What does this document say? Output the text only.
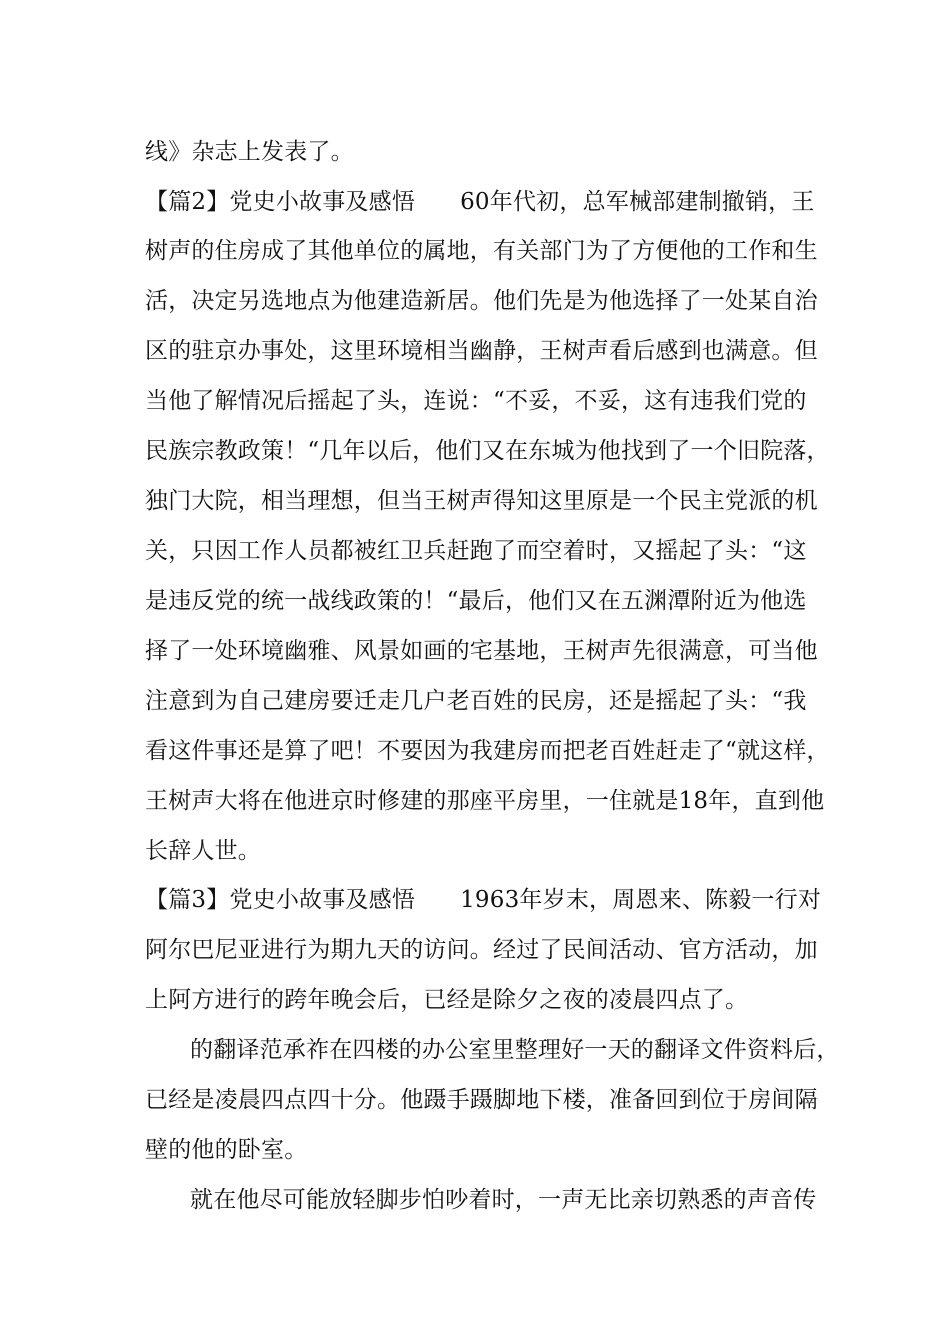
线》杂志上发表了。
【篇2】党史小故事及感悟      60年代初，总军械部建制撤销，王
树声的住房成了其他单位的属地，有关部门为了方便他的工作和生
活，决定另选地点为他建造新居。他们先是为他选择了一处某自治
区的驻京办事处，这里环境相当幽静，王树声看后感到也满意。但
当他了解情况后摇起了头，连说：“不妥，不妥，这有违我们党的
民族宗教政策！“几年以后，他们又在东城为他找到了一个旧院落，
独门大院，相当理想，但当王树声得知这里原是一个民主党派的机
关，只因工作人员都被红卫兵赶跑了而空着时，又摇起了头：“这
是违反党的统一战线政策的！“最后，他们又在五渊潭附近为他选
择了一处环境幽雅、风景如画的宅基地，王树声先很满意，可当他
注意到为自己建房要迁走几户老百姓的民房，还是摇起了头：“我
看这件事还是算了吧！不要因为我建房而把老百姓赶走了“就这样，
王树声大将在他进京时修建的那座平房里，一住就是18年，直到他
长辞人世。
【篇3】党史小故事及感悟      1963年岁末，周恩来、陈毅一行对
阿尔巴尼亚进行为期九天的访问。经过了民间活动、官方活动，加
上阿方进行的跨年晚会后，已经是除夕之夜的凌晨四点了。
的翻译范承祚在四楼的办公室里整理好一天的翻译文件资料后，
已经是凌晨四点四十分。他蹑手蹑脚地下楼，准备回到位于房间隔
壁的他的卧室。
就在他尽可能放轻脚步怕吵着时，一声无比亲切熟悉的声音传
